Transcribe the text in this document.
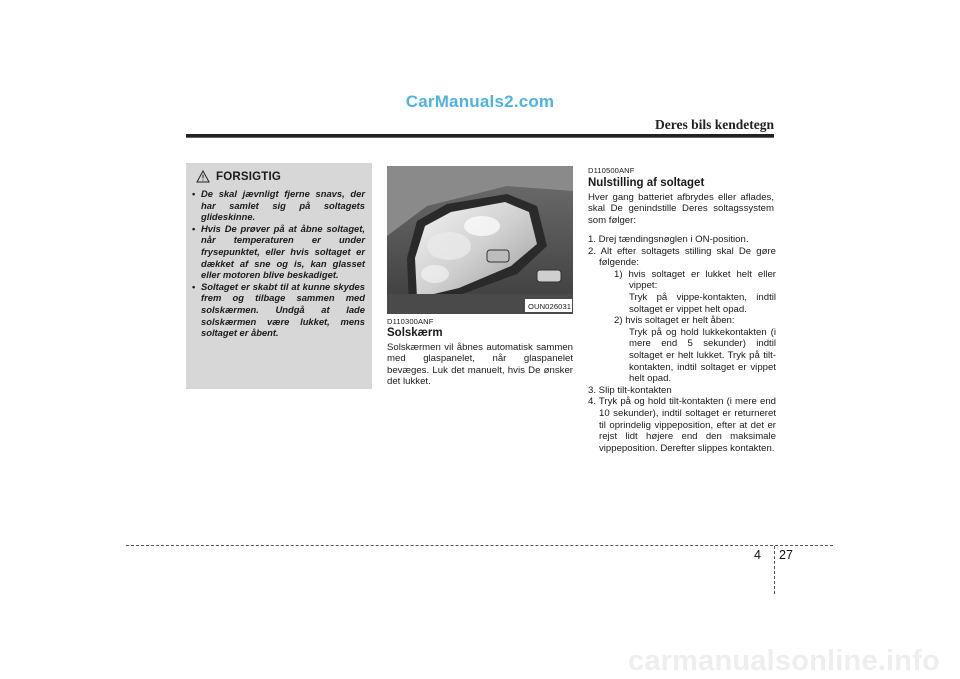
CarManuals2.com
Deres bils kendetegn
FORSIGTIG
• De skal jævnligt fjerne snavs, der har samlet sig på soltagets glideskinne.
• Hvis De prøver på at åbne soltaget, når temperaturen er under frysepunktet, eller hvis soltaget er dækket af sne og is, kan glasset eller motoren blive beskadiget.
• Soltaget er skabt til at kunne skydes frem og tilbage sammen med solskærmen. Undgå at lade solskærmen være lukket, mens soltaget er åbent.
OUN026031
D110300ANF
Solskærm
Solskærmen vil åbnes automatisk sammen med glaspanelet, når glaspanelet bevæges. Luk det manuelt, hvis De ønsker det lukket.
D110500ANF
Nulstilling af soltaget
Hver gang batteriet afbrydes eller aflades, skal De genindstille Deres soltagssystem som følger:
1. Drej tændingsnøglen i ON-position.
2. Alt efter soltagets stilling skal De gøre følgende:
1) hvis soltaget er lukket helt eller vippet:
Tryk på vippe-kontakten, indtil soltaget er vippet helt opad.
2) hvis soltaget er helt åben:
Tryk på og hold lukkekontakten (i mere end 5 sekunder) indtil soltaget er helt lukket. Tryk på tilt-kontakten, indtil soltaget er vippet helt opad.
3. Slip tilt-kontakten
4. Tryk på og hold tilt-kontakten (i mere end 10 sekunder), indtil soltaget er returneret til oprindelig vippeposition, efter at det er rejst lidt højere end den maksimale vippeposition. Derefter slippes kontakten.
4 27
carmanualsonline.info
